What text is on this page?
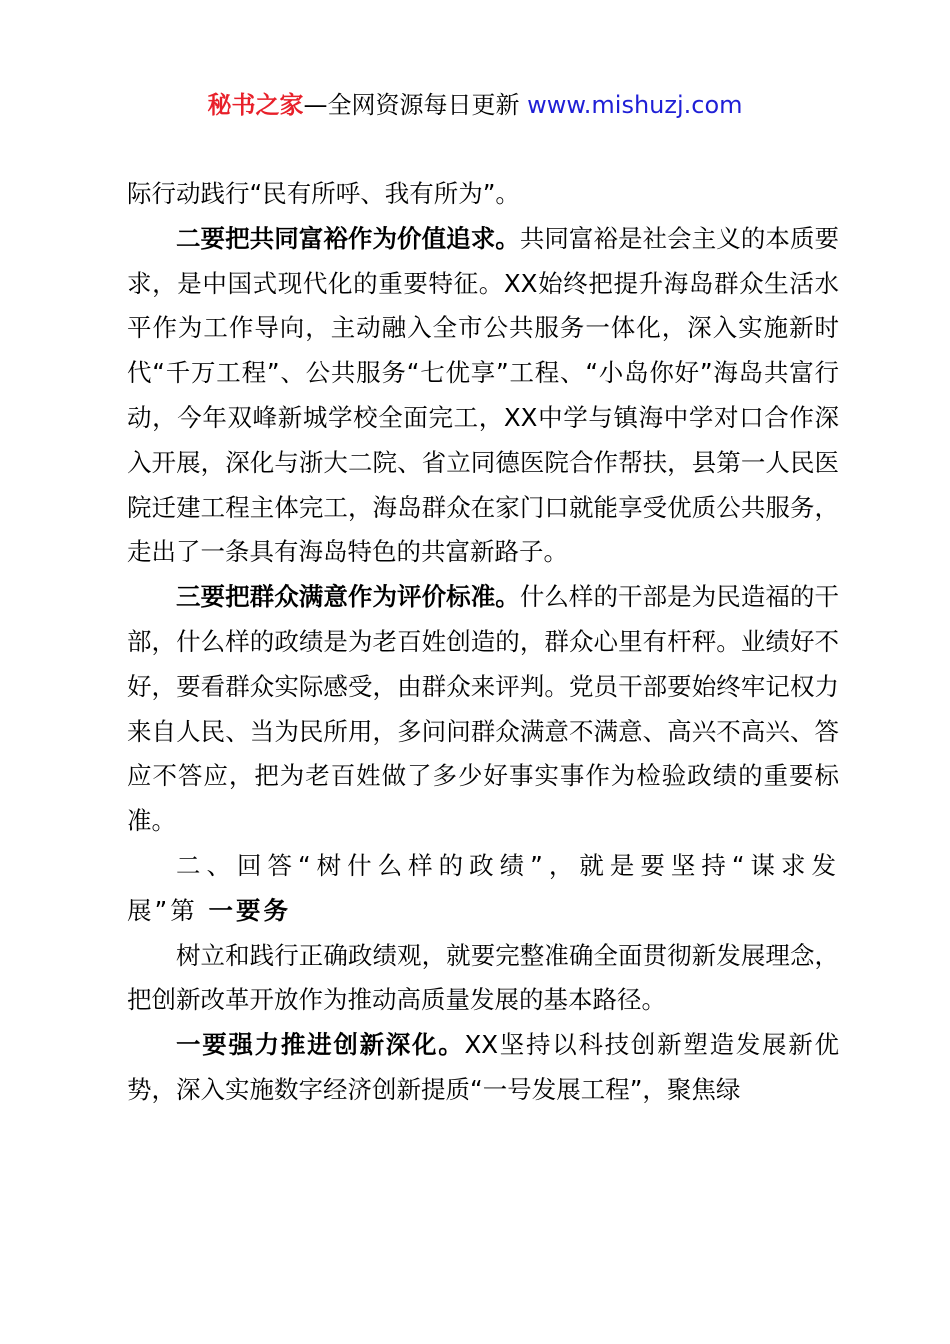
秘书之家—全网资源每日更新 www.mishuzj.com

际行动践行“民有所呼、我有所为”。

二要把共同富裕作为价值追求。共同富裕是社会主义的本质要求，是中国式现代化的重要特征。XX始终把提升海岛群众生活水平作为工作导向，主动融入全市公共服务一体化，深入实施新时代“千万工程”、公共服务“七优享”工程、“小岛你好”海岛共富行动，今年双峰新城学校全面完工，XX中学与镇海中学对口合作深入开展，深化与浙大二院、省立同德医院合作帮扶，县第一人民医院迁建工程主体完工，海岛群众在家门口就能享受优质公共服务，走出了一条具有海岛特色的共富新路子。

三要把群众满意作为评价标准。什么样的干部是为民造福的干部，什么样的政绩是为老百姓创造的，群众心里有杆秤。业绩好不好，要看群众实际感受，由群众来评判。党员干部要始终牢记权力来自人民、当为民所用，多问问群众满意不满意、高兴不高兴、答应不答应，把为老百姓做了多少好事实事作为检验政绩的重要标准。

二、回答“树什么样的政绩”，就是要坚持“谋求发展”第 一要务

树立和践行正确政绩观，就要完整准确全面贯彻新发展理念，把创新改革开放作为推动高质量发展的基本路径。

一要强力推进创新深化。XX坚持以科技创新塑造发展新优势，深入实施数字经济创新提质“一号发展工程”，聚焦绿
